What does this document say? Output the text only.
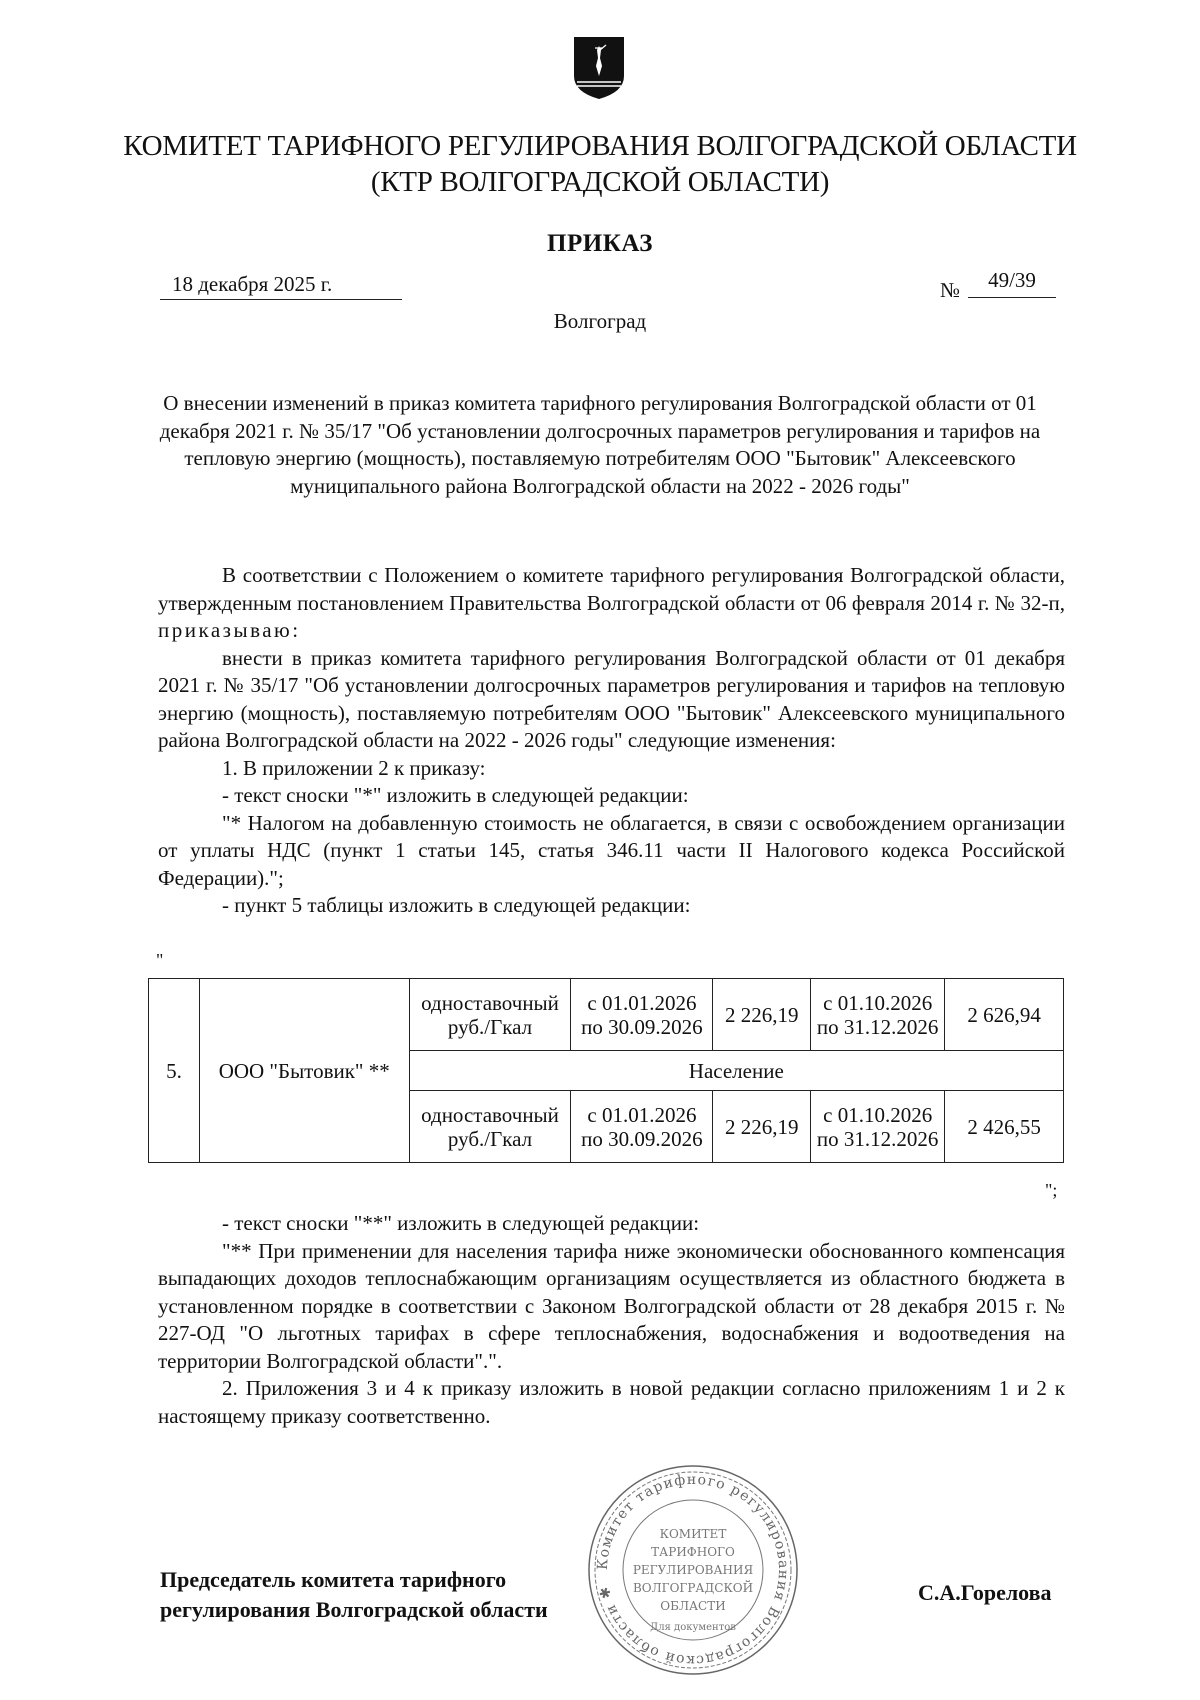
КОМИТЕТ ТАРИФНОГО РЕГУЛИРОВАНИЯ ВОЛГОГРАДСКОЙ ОБЛАСТИ
(КТР ВОЛГОГРАДСКОЙ ОБЛАСТИ)
ПРИКАЗ
18 декабря 2025 г.	№	49/39
Волгоград
О внесении изменений в приказ комитета тарифного регулирования Волгоградской области от 01 декабря 2021 г. № 35/17 "Об установлении долгосрочных параметров регулирования и тарифов на тепловую энергию (мощность), поставляемую потребителям ООО "Бытовик" Алексеевского муниципального района Волгоградской области на 2022 - 2026 годы"

В соответствии с Положением о комитете тарифного регулирования Волгоградской области, утвержденным постановлением Правительства Волгоградской области от 06 февраля 2014 г. № 32-п, приказываю:

внести в приказ комитета тарифного регулирования Волгоградской области от 01 декабря 2021 г. № 35/17 "Об установлении долгосрочных параметров регулирования и тарифов на тепловую энергию (мощность), поставляемую потребителям ООО "Бытовик" Алексеевского муниципального района Волгоградской области на 2022 - 2026 годы" следующие изменения:

1. В приложении 2 к приказу:

- текст сноски "*" изложить в следующей редакции:

"* Налогом на добавленную стоимость не облагается, в связи с освобождением организации от уплаты НДС (пункт 1 статьи 145, статья 346.11 части II Налогового кодекса Российской Федерации).";

- пункт 5 таблицы изложить в следующей редакции:

"
5.	ООО "Бытовик" **	одноставочный руб./Гкал	с 01.01.2026 по 30.09.2026	2 226,19	с 01.10.2026 по 31.12.2026	2 626,94
		Население				
		одноставочный руб./Гкал	с 01.01.2026 по 30.09.2026	2 226,19	с 01.10.2026 по 31.12.2026	2 426,55
";

- текст сноски "**" изложить в следующей редакции:

"** При применении для населения тарифа ниже экономически обоснованного компенсация выпадающих доходов теплоснабжающим организациям осуществляется из областного бюджета в установленном порядке в соответствии с Законом Волгоградской области от 28 декабря 2015 г. № 227-ОД "О льготных тарифах в сфере теплоснабжения, водоснабжения и водоотведения на территории Волгоградской области".".

2. Приложения 3 и 4 к приказу изложить в новой редакции согласно приложениям 1 и 2 к настоящему приказу соответственно.

Комитет тарифного регулирования Волгоградской области ✱
КОМИТЕТ
ТАРИФНОГО
РЕГУЛИРОВАНИЯ
ВОЛГОГРАДСКОЙ
ОБЛАСТИ
Для документов
Председатель комитета тарифного
регулирования Волгоградской области
С.А.Горелова
